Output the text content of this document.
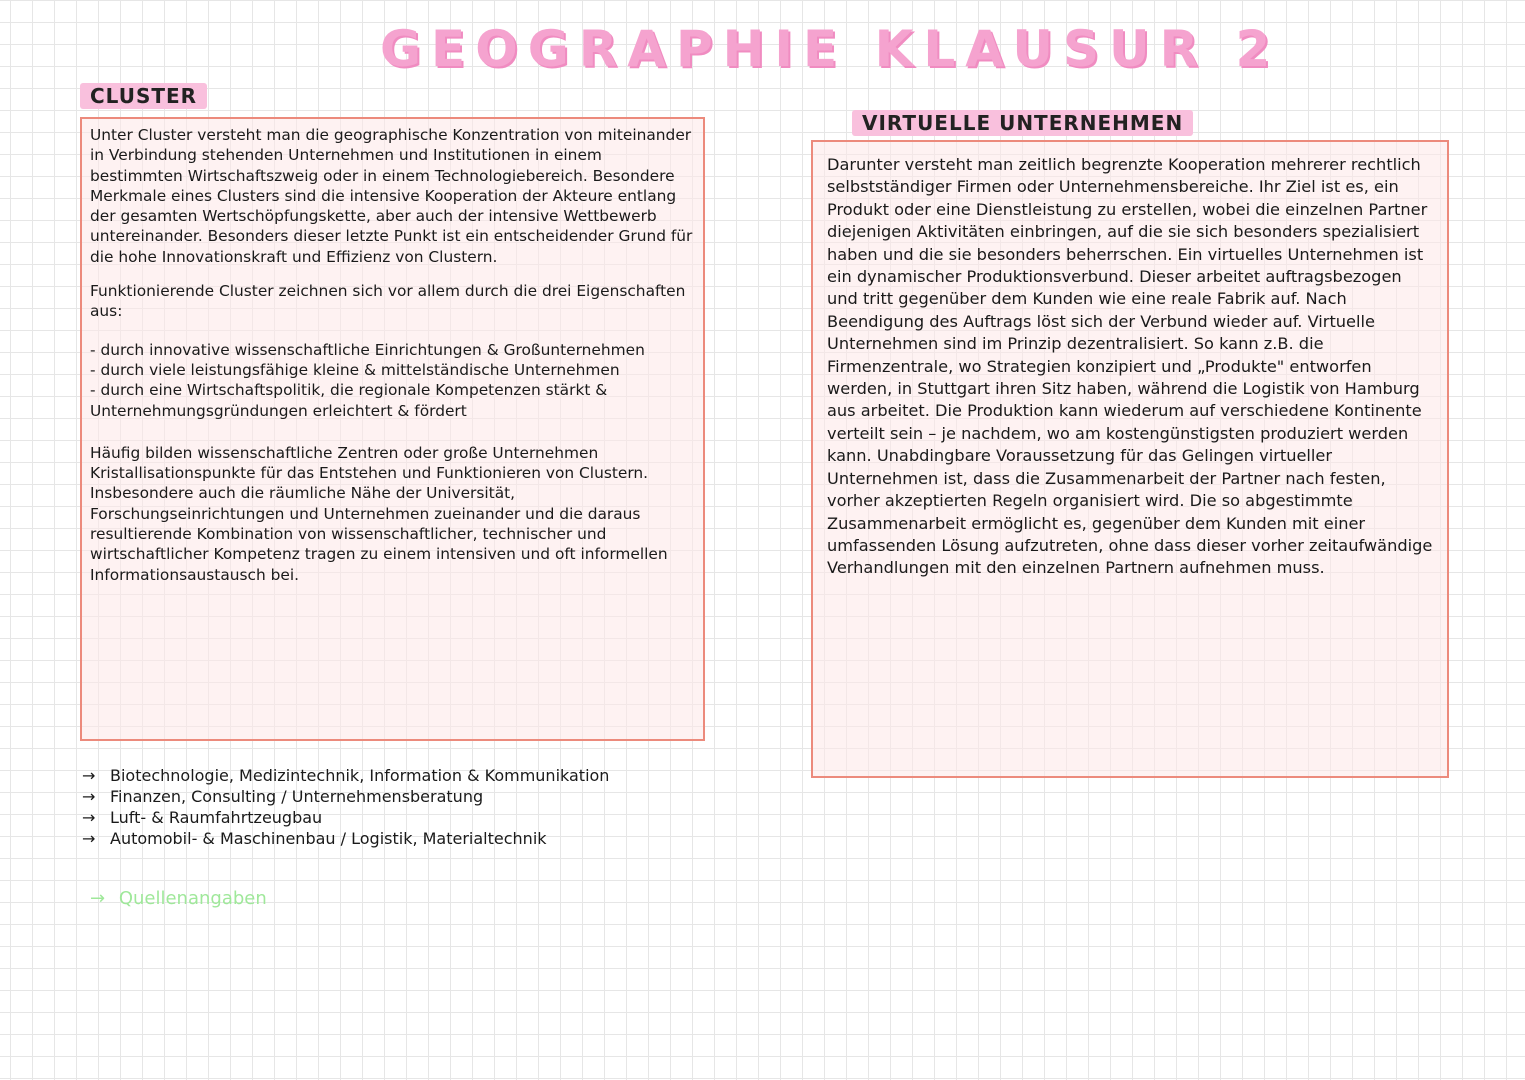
GEOGRAPHIE KLAUSUR 2
CLUSTER

Unter Cluster versteht man die geographische Konzentration von miteinander in Verbindung stehenden Unternehmen und Institutionen in einem bestimmten Wirtschaftszweig oder in einem Technologiebereich. Besondere Merkmale eines Clusters sind die intensive Kooperation der Akteure entlang der gesamten Wertschöpfungskette, aber auch der intensive Wettbewerb untereinander. Besonders dieser letzte Punkt ist ein entscheidender Grund für die hohe Innovationskraft und Effizienz von Clustern.

Funktionierende Cluster zeichnen sich vor allem durch die drei Eigenschaften aus:

- durch innovative wissenschaftliche Einrichtungen & Großunternehmen
- durch viele leistungsfähige kleine & mittelständische Unternehmen
- durch eine Wirtschaftspolitik, die regionale Kompetenzen stärkt & Unternehmungsgründungen erleichtert & fördert

Häufig bilden wissenschaftliche Zentren oder große Unternehmen Kristallisationspunkte für das Entstehen und Funktionieren von Clustern. Insbesondere auch die räumliche Nähe der Universität, Forschungseinrichtungen und Unternehmen zueinander und die daraus resultierende Kombination von wissenschaftlicher, technischer und wirtschaftlicher Kompetenz tragen zu einem intensiven und oft informellen Informationsaustausch bei.

→ Biotechnologie, Medizintechnik, Information & Kommunikation
→ Finanzen, Consulting / Unternehmensberatung
→ Luft- & Raumfahrtzeugbau
→ Automobil- & Maschinenbau / Logistik, Materialtechnik
→ Quellenangaben
VIRTUELLE UNTERNEHMEN

Darunter versteht man zeitlich begrenzte Kooperation mehrerer rechtlich selbstständiger Firmen oder Unternehmensbereiche. Ihr Ziel ist es, ein Produkt oder eine Dienstleistung zu erstellen, wobei die einzelnen Partner diejenigen Aktivitäten einbringen, auf die sie sich besonders spezialisiert haben und die sie besonders beherrschen. Ein virtuelles Unternehmen ist ein dynamischer Produktionsverbund. Dieser arbeitet auftragsbezogen und tritt gegenüber dem Kunden wie eine reale Fabrik auf. Nach Beendigung des Auftrags löst sich der Verbund wieder auf. Virtuelle Unternehmen sind im Prinzip dezentralisiert. So kann z.B. die Firmenzentrale, wo Strategien konzipiert und „Produkte" entworfen werden, in Stuttgart ihren Sitz haben, während die Logistik von Hamburg aus arbeitet. Die Produktion kann wiederum auf verschiedene Kontinente verteilt sein – je nachdem, wo am kostengünstigsten produziert werden kann. Unabdingbare Voraussetzung für das Gelingen virtueller Unternehmen ist, dass die Zusammenarbeit der Partner nach festen, vorher akzeptierten Regeln organisiert wird. Die so abgestimmte Zusammenarbeit ermöglicht es, gegenüber dem Kunden mit einer umfassenden Lösung aufzutreten, ohne dass dieser vorher zeitaufwändige Verhandlungen mit den einzelnen Partnern aufnehmen muss.
